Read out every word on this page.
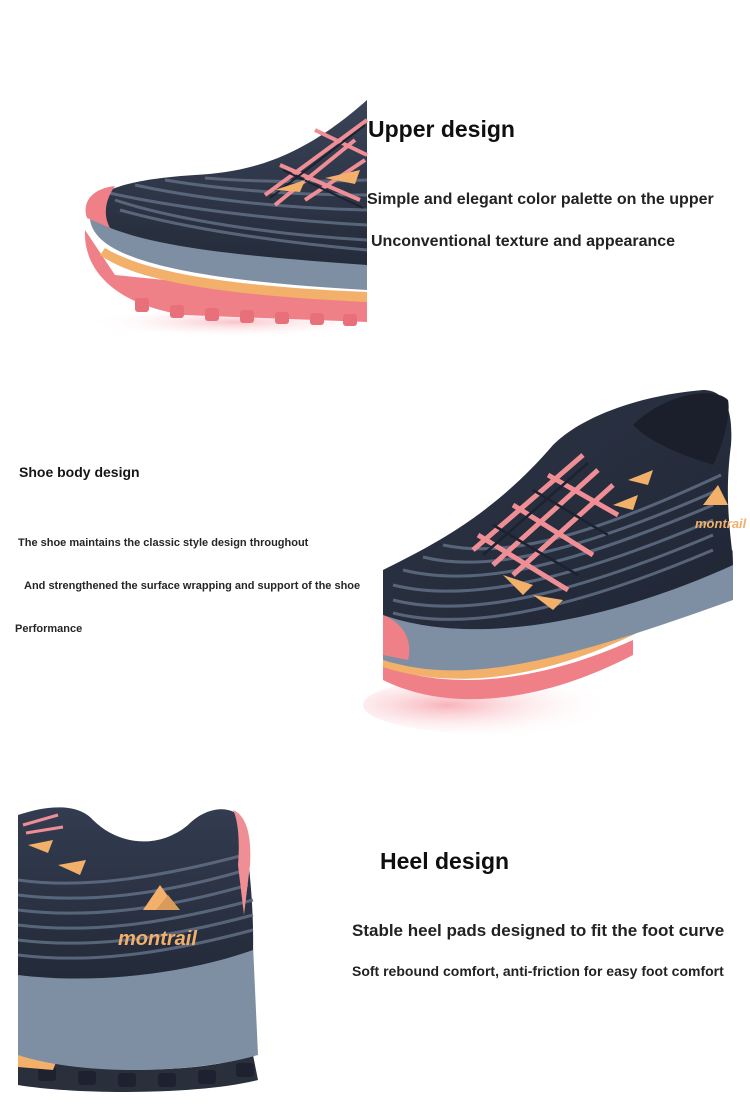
Upper design

Simple and elegant color palette on the upper

Unconventional texture and appearance

Shoe body design

The shoe maintains the classic style design throughout

And strengthened the surface wrapping and support of the shoe

Performance

montrail
montrail
Heel design

Stable heel pads designed to fit the foot curve

Soft rebound comfort, anti-friction for easy foot comfort
